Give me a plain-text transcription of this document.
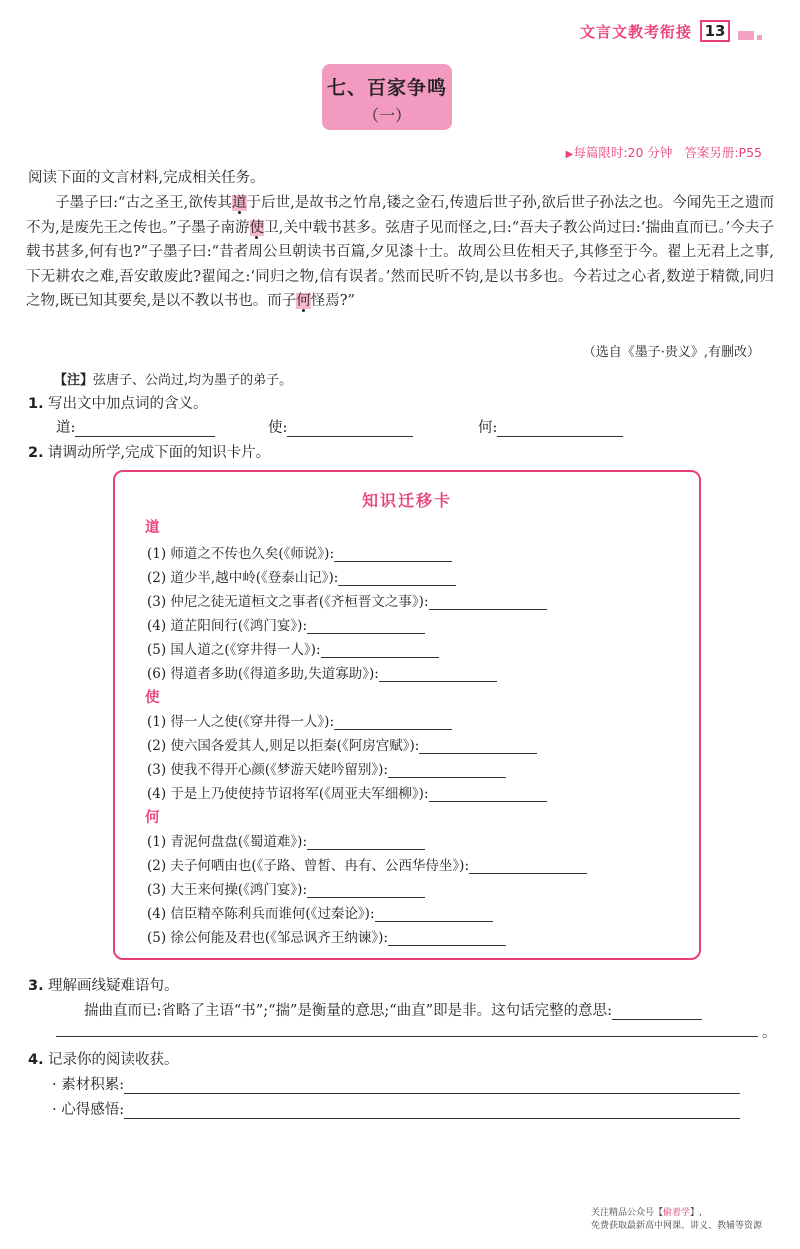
文言文教考衔接 13
七、百家争鸣
（一）
▶每篇限时:20 分钟 答案另册:P55
阅读下面的文言材料,完成相关任务。

子墨子曰:“古之圣王,欲传其道于后世,是故书之竹帛,镂之金石,传遗后世子孙,欲后世子孙法之也。今闻先王之遗而不为,是废先王之传也。”子墨子南游使卫,关中载书甚多。弦唐子见而怪之,曰:“吾夫子教公尚过曰:‘揣曲直而已。’今夫子载书甚多,何有也?”子墨子曰:“昔者周公旦朝读书百篇,夕见漆十士。故周公旦佐相天子,其修至于今。翟上无君上之事,下无耕农之难,吾安敢废此?翟闻之:‘同归之物,信有误者。’然而民听不钧,是以书多也。今若过之心者,数逆于精微,同归之物,既已知其要矣,是以不教以书也。而子何怪焉?”

（选自《墨子·贵义》,有删改）
【注】弦唐子、公尚过,均为墨子的弟子。
1. 写出文中加点词的含义。
道:	使:	何:
2. 请调动所学,完成下面的知识卡片。
知识迁移卡
道
(1) 师道之不传也久矣(《师说》):
(2) 道少半,越中岭(《登泰山记》):
(3) 仲尼之徒无道桓文之事者(《齐桓晋文之事》):
(4) 道芷阳间行(《鸿门宴》):
(5) 国人道之(《穿井得一人》):
(6) 得道者多助(《得道多助,失道寡助》):
使
(1) 得一人之使(《穿井得一人》):
(2) 使六国各爱其人,则足以拒秦(《阿房宫赋》):
(3) 使我不得开心颜(《梦游天姥吟留别》):
(4) 于是上乃使使持节诏将军(《周亚夫军细柳》):
何
(1) 青泥何盘盘(《蜀道难》):
(2) 夫子何哂由也(《子路、曾皙、冉有、公西华侍坐》):
(3) 大王来何操(《鸿门宴》):
(4) 信臣精卒陈利兵而谁何(《过秦论》):
(5) 徐公何能及君也(《邹忌讽齐王纳谏》):
3. 理解画线疑难语句。
揣曲直而已:省略了主语“书”;“揣”是衡量的意思;“曲直”即是非。这句话完整的意思:
。
4. 记录你的阅读收获。
· 素材积累:
· 心得感悟:
关注精品公众号【偷着学】,
免费获取最新高中网课、讲义、教辅等资源
